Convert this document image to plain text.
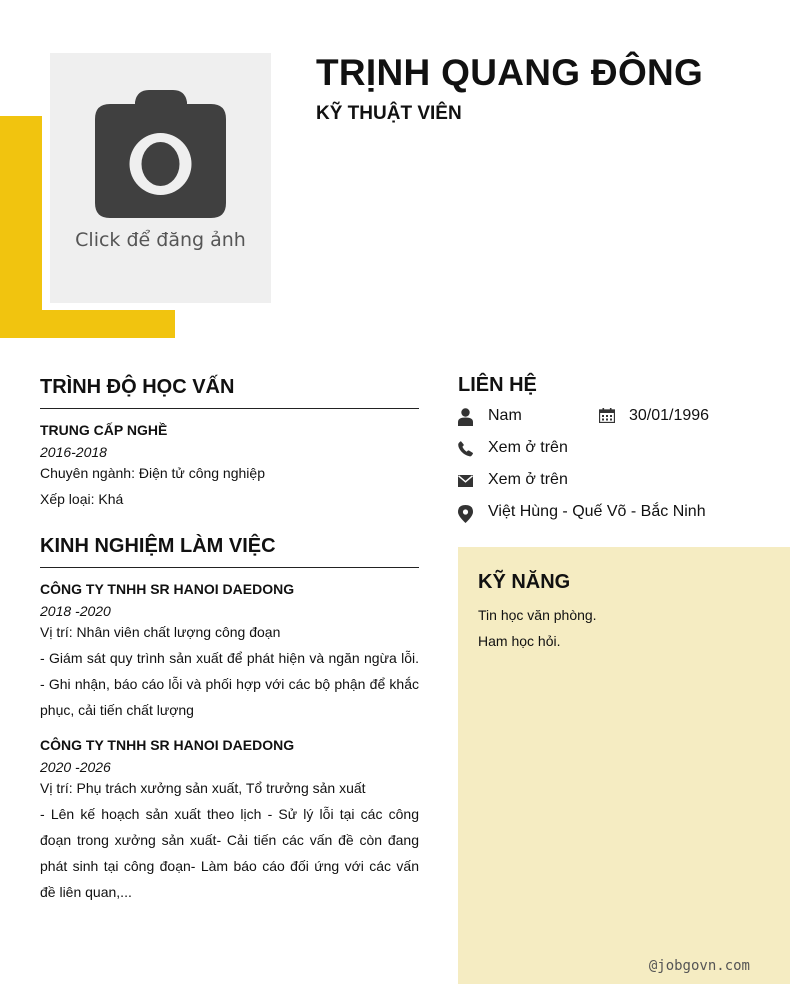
Click để đăng ảnh
TRỊNH QUANG ĐÔNG
KỸ THUẬT VIÊN
TRÌNH ĐỘ HỌC VẤN
TRUNG CẤP NGHỀ
2016-2018
Chuyên ngành: Điện tử công nghiệp
Xếp loại: Khá
KINH NGHIỆM LÀM VIỆC
CÔNG TY TNHH SR HANOI DAEDONG
2018 -2020
Vị trí: Nhân viên chất lượng công đoạn
- Giám sát quy trình sản xuất để phát hiện và ngăn ngừa lỗi. - Ghi nhận, báo cáo lỗi và phối hợp với các bộ phận để khắc phục, cải tiến chất lượng
CÔNG TY TNHH SR HANOI DAEDONG
2020 -2026
Vị trí: Phụ trách xưởng sản xuất, Tổ trưởng sản xuất
- Lên kế hoạch sản xuất theo lịch - Sử lý lỗi tại các công đoạn trong xưởng sản xuất- Cải tiến các vấn đề còn đang phát sinh tại công đoạn- Làm báo cáo đối ứng với các vấn đề liên quan,...
LIÊN HỆ
Nam	30/01/1996
Xem ở trên
Xem ở trên
Việt Hùng - Quế Võ - Bắc Ninh
KỸ NĂNG
Tin học văn phòng.
Ham học hỏi.
@jobgovn.com
